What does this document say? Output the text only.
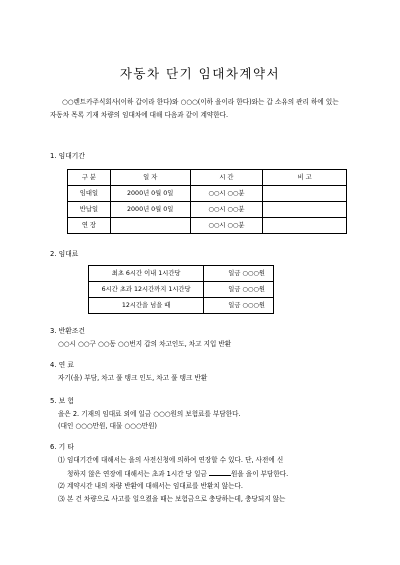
자동차 단기 임대차계약서
○○렌트카주식회사(이하 갑이라 한다)와 ○○○(이하 을이라 한다)와는 갑 소유의 관리 하에 있는 자동차 목록 기재 차량의 임대차에 대해 다음과 같이 계약한다.
1. 임대기간
구 분	일 자	시 간	비 고
임대일	2000년 0월 0일	○○시 ○○분	
반납일	2000년 0월 0일	○○시 ○○분	
연 장		○○시 ○○분	
2. 임대료
최초 6시간 이내 1시간당	일금 ○○○원
6시간 초과 12시간까지 1시간당	일금 ○○○원
12시간을 넘을 때	일금 ○○○원
3. 반환조건
○○시 ○○구 ○○동 ○○번지 갑의 차고인도, 차고 지입 반환
4. 연 료
자기(을) 부담, 차고 풀 탱크 인도, 차고 풀 탱크 반환
5. 보 험
을은 2. 기재의 임대료 외에 일금 ○○○원의 보험료를 부담한다.
(대인 ○○○만원, 대물 ○○○만원)
6. 기 타
⑴ 임대기간에 대해서는 을의 사전신청에 의하여 연장할 수 있다. 단, 사전에 신
청하지 않은 연장에 대해서는 초과 1시간 당 일금	원을 을이 부담한다.
⑵ 계약시간 내의 차량 반환에 대해서는 임대료를 반환치 않는다.
⑶ 본 건 차량으로 사고를 일으켰을 때는 보험금으로 충당하는데, 충당되지 않는
